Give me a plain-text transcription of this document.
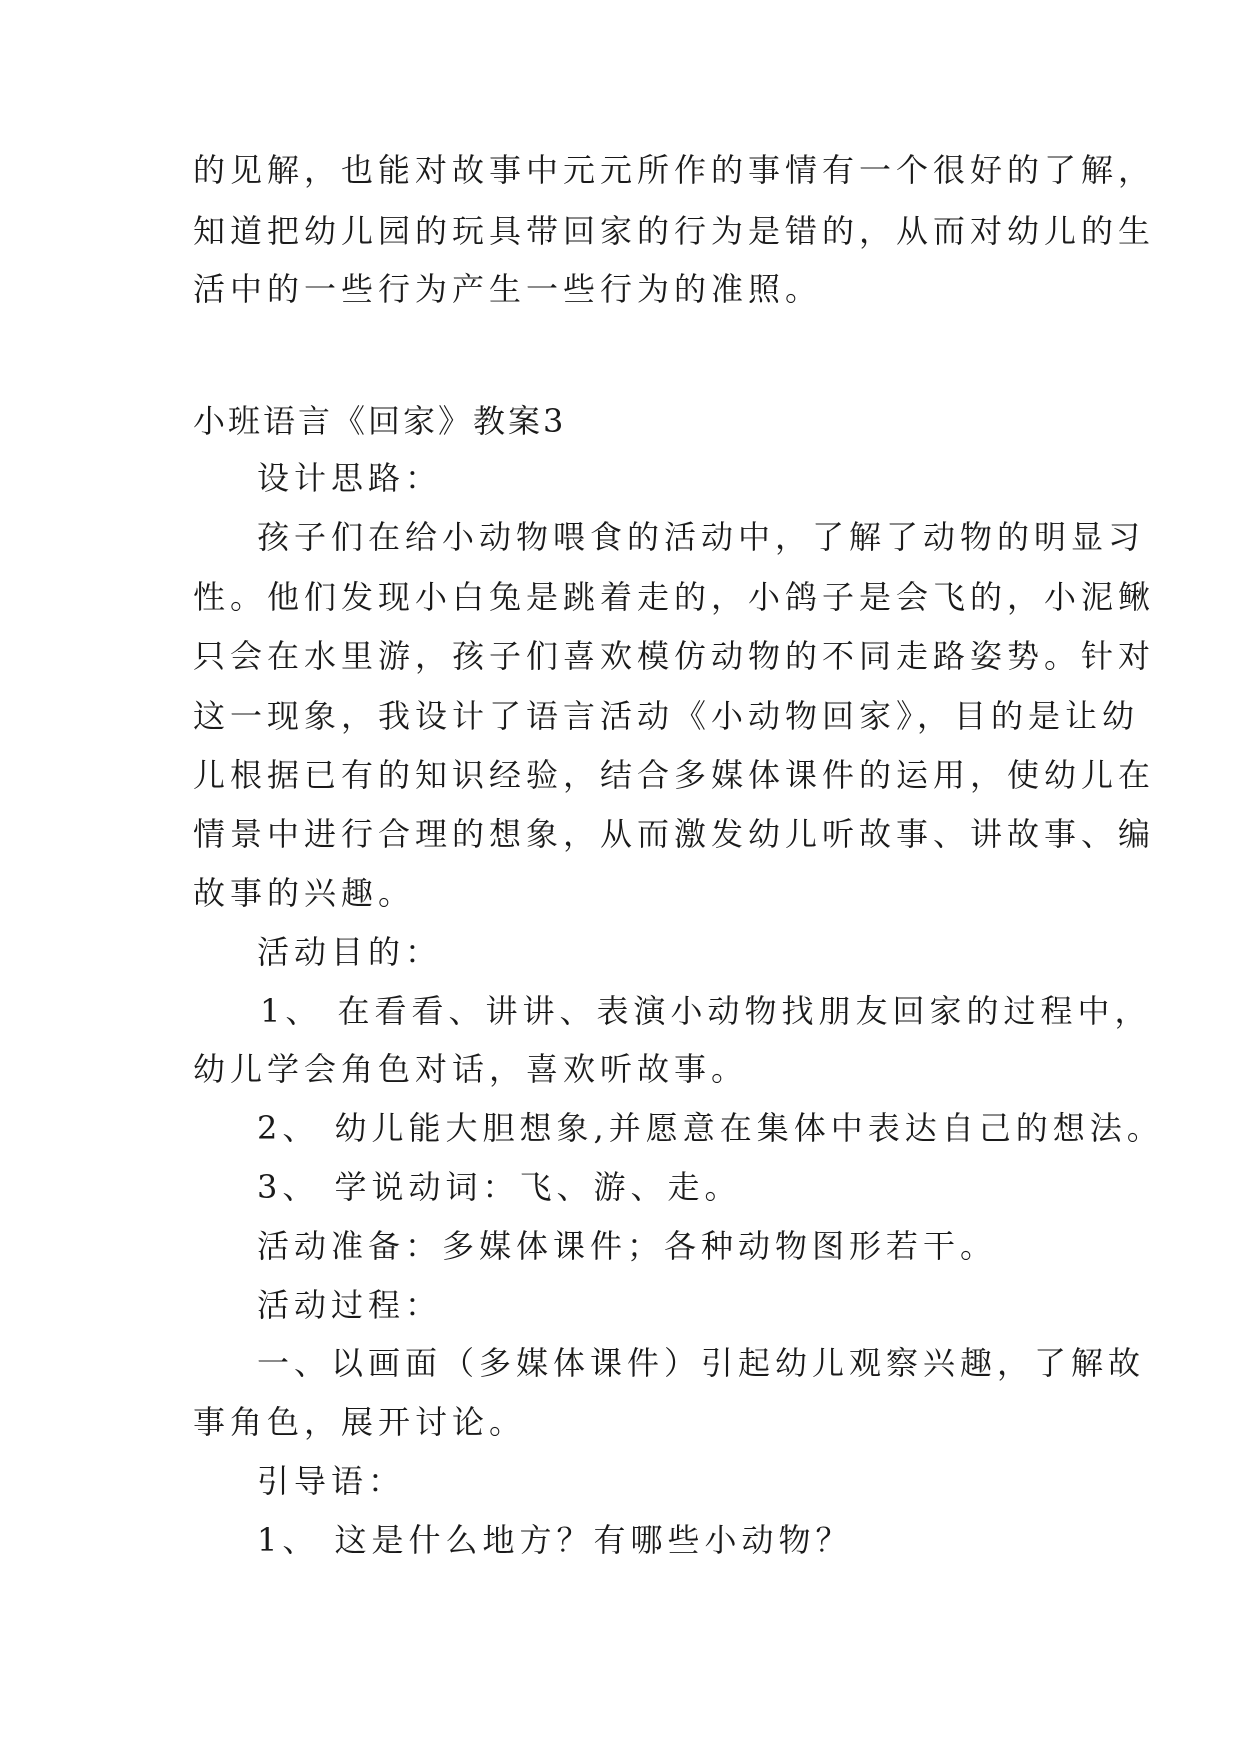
的见解，也能对故事中元元所作的事情有一个很好的了解，
知道把幼儿园的玩具带回家的行为是错的，从而对幼儿的生
活中的一些行为产生一些行为的准照。
小班语言《回家》教案3
设计思路：
孩子们在给小动物喂食的活动中，了解了动物的明显习
性。他们发现小白兔是跳着走的，小鸽子是会飞的，小泥鳅
只会在水里游，孩子们喜欢模仿动物的不同走路姿势。针对
这一现象，我设计了语言活动《小动物回家》，目的是让幼
儿根据已有的知识经验，结合多媒体课件的运用，使幼儿在
情景中进行合理的想象，从而激发幼儿听故事、讲故事、编
故事的兴趣。
活动目的：
1、 在看看、讲讲、表演小动物找朋友回家的过程中，
幼儿学会角色对话，喜欢听故事。
2、 幼儿能大胆想象,并愿意在集体中表达自己的想法。
3、 学说动词：飞、游、走。
活动准备：多媒体课件；各种动物图形若干。
活动过程：
一、以画面（多媒体课件）引起幼儿观察兴趣，了解故
事角色，展开讨论。
引导语：
1、 这是什么地方？有哪些小动物？
